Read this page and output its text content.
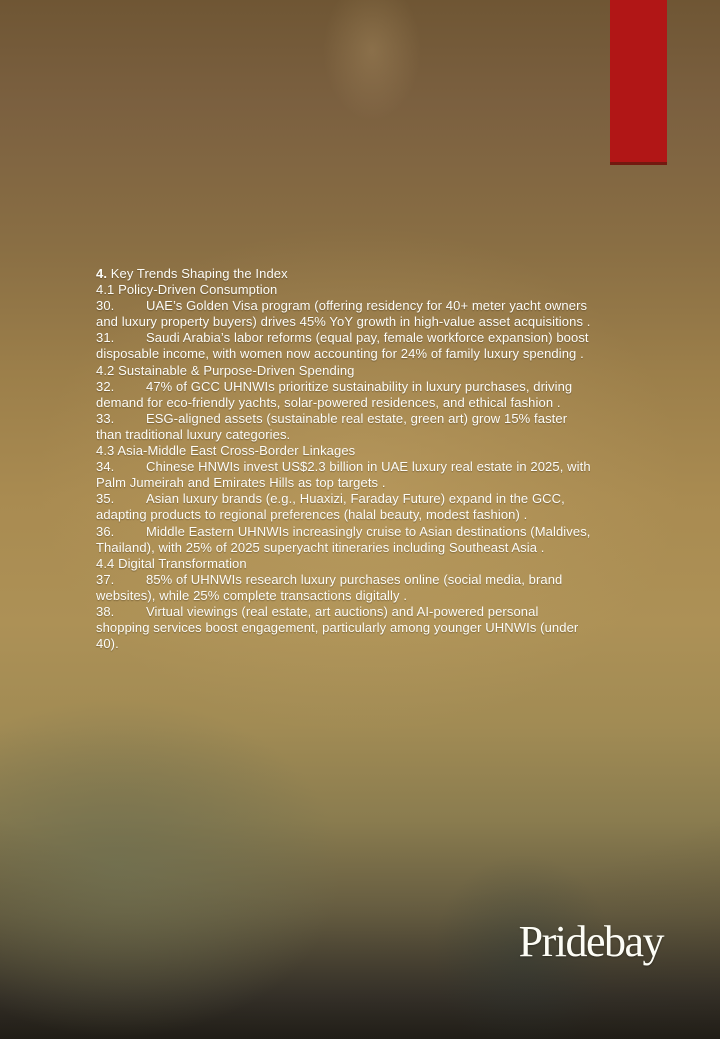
4. Key Trends Shaping the Index

4.1 Policy-Driven Consumption

30. UAE’s Golden Visa program (offering residency for 40+ meter yacht owners and luxury property buyers) drives 45% YoY growth in high-value asset acquisitions .

31. Saudi Arabia’s labor reforms (equal pay, female workforce expansion) boost disposable income, with women now accounting for 24% of family luxury spending .

4.2 Sustainable & Purpose-Driven Spending

32. 47% of GCC UHNWIs prioritize sustainability in luxury purchases, driving demand for eco-friendly yachts, solar-powered residences, and ethical fashion .

33. ESG-aligned assets (sustainable real estate, green art) grow 15% faster than traditional luxury categories.

4.3 Asia-Middle East Cross-Border Linkages

34. Chinese HNWIs invest US$2.3 billion in UAE luxury real estate in 2025, with Palm Jumeirah and Emirates Hills as top targets .

35. Asian luxury brands (e.g., Huaxizi, Faraday Future) expand in the GCC, adapting products to regional preferences (halal beauty, modest fashion) .

36. Middle Eastern UHNWIs increasingly cruise to Asian destinations (Maldives, Thailand), with 25% of 2025 superyacht itineraries including Southeast Asia .

4.4 Digital Transformation

37. 85% of UHNWIs research luxury purchases online (social media, brand websites), while 25% complete transactions digitally .

38. Virtual viewings (real estate, art auctions) and AI-powered personal shopping services boost engagement, particularly among younger UHNWIs (under 40).

Pridebay
